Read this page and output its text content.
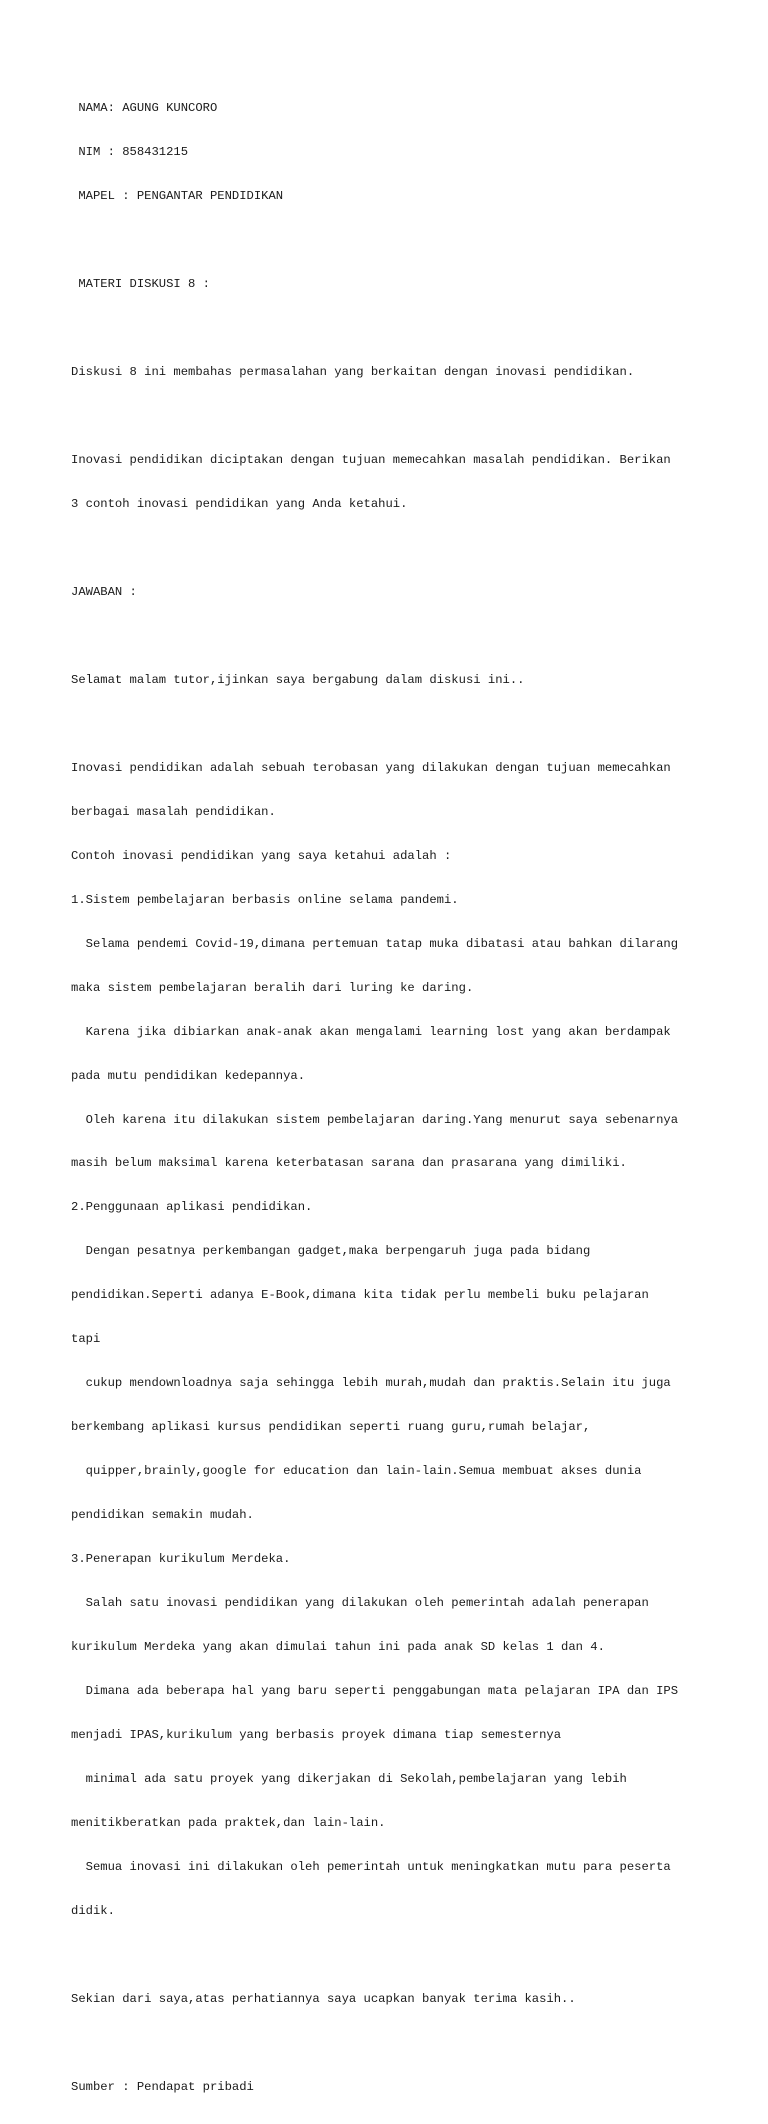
NAMA: AGUNG KUNCORO

NIM : 858431215

MAPEL : PENGANTAR PENDIDIKAN

MATERI DISKUSI 8 :

Diskusi 8 ini membahas permasalahan yang berkaitan dengan inovasi pendidikan.

Inovasi pendidikan diciptakan dengan tujuan memecahkan masalah pendidikan. Berikan

3 contoh inovasi pendidikan yang Anda ketahui.

JAWABAN :

Selamat malam tutor,ijinkan saya bergabung dalam diskusi ini..

Inovasi pendidikan adalah sebuah terobasan yang dilakukan dengan tujuan memecahkan

berbagai masalah pendidikan.

Contoh inovasi pendidikan yang saya ketahui adalah :

1.Sistem pembelajaran berbasis online selama pandemi.

Selama pendemi Covid-19,dimana pertemuan tatap muka dibatasi atau bahkan dilarang

maka sistem pembelajaran beralih dari luring ke daring.

Karena jika dibiarkan anak-anak akan mengalami learning lost yang akan berdampak

pada mutu pendidikan kedepannya.

Oleh karena itu dilakukan sistem pembelajaran daring.Yang menurut saya sebenarnya

masih belum maksimal karena keterbatasan sarana dan prasarana yang dimiliki.

2.Penggunaan aplikasi pendidikan.

Dengan pesatnya perkembangan gadget,maka berpengaruh juga pada bidang

pendidikan.Seperti adanya E-Book,dimana kita tidak perlu membeli buku pelajaran

tapi

cukup mendownloadnya saja sehingga lebih murah,mudah dan praktis.Selain itu juga

berkembang aplikasi kursus pendidikan seperti ruang guru,rumah belajar,

quipper,brainly,google for education dan lain-lain.Semua membuat akses dunia

pendidikan semakin mudah.

3.Penerapan kurikulum Merdeka.

Salah satu inovasi pendidikan yang dilakukan oleh pemerintah adalah penerapan

kurikulum Merdeka yang akan dimulai tahun ini pada anak SD kelas 1 dan 4.

Dimana ada beberapa hal yang baru seperti penggabungan mata pelajaran IPA dan IPS

menjadi IPAS,kurikulum yang berbasis proyek dimana tiap semesternya

minimal ada satu proyek yang dikerjakan di Sekolah,pembelajaran yang lebih

menitikberatkan pada praktek,dan lain-lain.

Semua inovasi ini dilakukan oleh pemerintah untuk meningkatkan mutu para peserta

didik.

Sekian dari saya,atas perhatiannya saya ucapkan banyak terima kasih..

Sumber : Pendapat pribadi
